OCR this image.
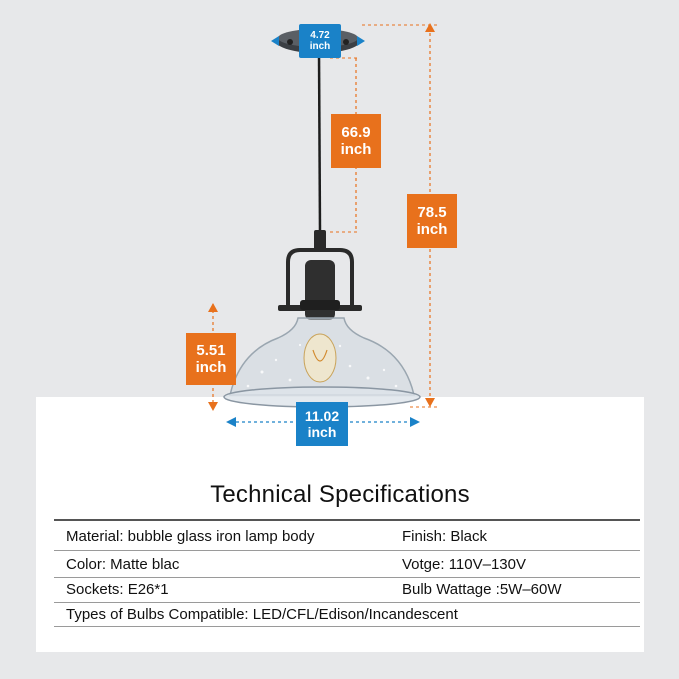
4.72
inch
66.9
inch
78.5
inch
5.51
inch
11.02
inch
Technical Specifications
Material: bubble glass iron lamp body	Finish: Black
Color: Matte blac	Votge: 110V–130V
Sockets: E26*1	Bulb Wattage :5W–60W
Types of Bulbs Compatible: LED/CFL/Edison/Incandescent
